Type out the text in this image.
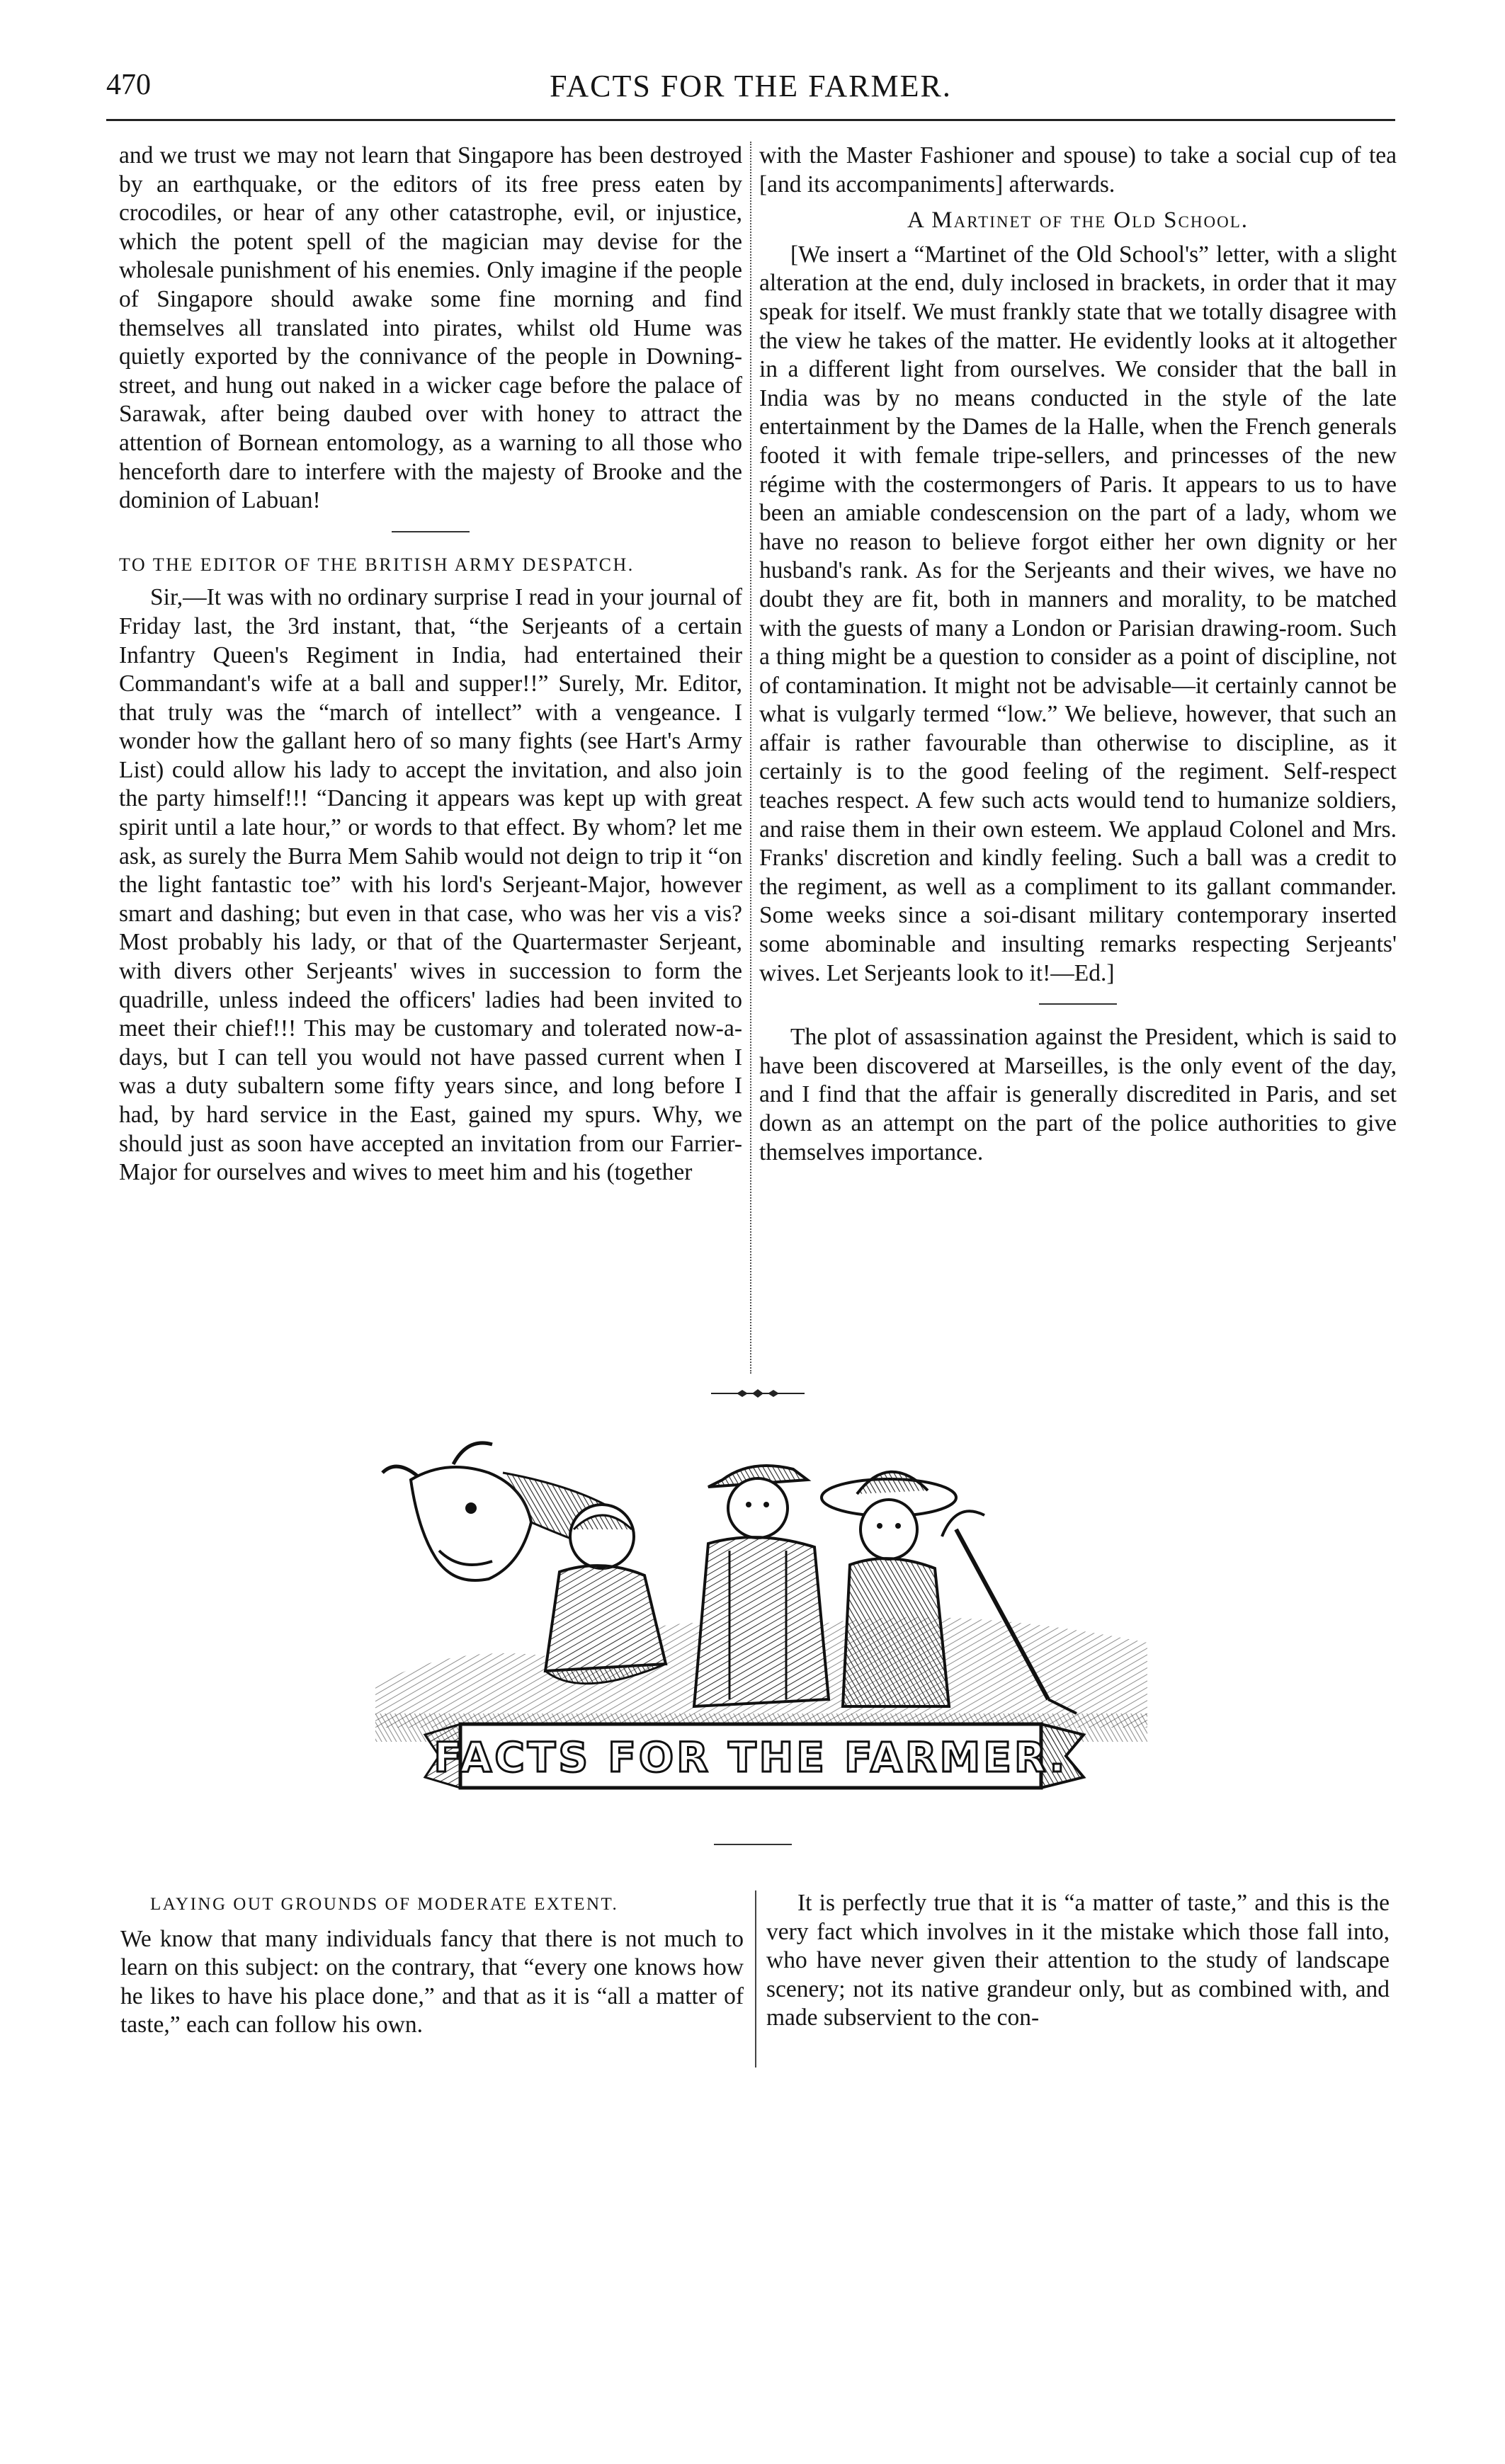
470	FACTS FOR THE FARMER.

and we trust we may not learn that Singapore has been destroyed by an earthquake, or the editors of its free press eaten by crocodiles, or hear of any other catastrophe, evil, or injustice, which the potent spell of the magician may devise for the wholesale punishment of his enemies. Only imagine if the people of Singapore should awake some fine morning and find themselves all translated into pirates, whilst old Hume was quietly exported by the connivance of the people in Downing-street, and hung out naked in a wicker cage before the palace of Sarawak, after being daubed over with honey to attract the attention of Bornean entomology, as a warning to all those who henceforth dare to interfere with the majesty of Brooke and the dominion of Labuan!

TO THE EDITOR OF THE BRITISH ARMY DESPATCH.

Sir,—It was with no ordinary surprise I read in your journal of Friday last, the 3rd instant, that, “the Serjeants of a certain Infantry Queen's Regiment in India, had entertained their Commandant's wife at a ball and supper!!” Surely, Mr. Editor, that truly was the “march of intellect” with a vengeance. I wonder how the gallant hero of so many fights (see Hart's Army List) could allow his lady to accept the invitation, and also join the party himself!!! “Dancing it appears was kept up with great spirit until a late hour,” or words to that effect. By whom? let me ask, as surely the Burra Mem Sahib would not deign to trip it “on the light fantastic toe” with his lord's Serjeant-Major, however smart and dashing; but even in that case, who was her vis a vis? Most probably his lady, or that of the Quartermaster Serjeant, with divers other Serjeants' wives in succession to form the quadrille, unless indeed the officers' ladies had been invited to meet their chief!!! This may be customary and tolerated now-a-days, but I can tell you would not have passed current when I was a duty subaltern some fifty years since, and long before I had, by hard service in the East, gained my spurs. Why, we should just as soon have accepted an invitation from our Farrier-Major for ourselves and wives to meet him and his (together

with the Master Fashioner and spouse) to take a social cup of tea [and its accompaniments] afterwards.

A Martinet of the Old School.

[We insert a “Martinet of the Old School's” letter, with a slight alteration at the end, duly inclosed in brackets, in order that it may speak for itself. We must frankly state that we totally disagree with the view he takes of the matter. He evidently looks at it altogether in a different light from ourselves. We consider that the ball in India was by no means conducted in the style of the late entertainment by the Dames de la Halle, when the French generals footed it with female tripe-sellers, and princesses of the new régime with the costermongers of Paris. It appears to us to have been an amiable condescension on the part of a lady, whom we have no reason to believe forgot either her own dignity or her husband's rank. As for the Serjeants and their wives, we have no doubt they are fit, both in manners and morality, to be matched with the guests of many a London or Parisian drawing-room. Such a thing might be a question to consider as a point of discipline, not of contamination. It might not be advisable—it certainly cannot be what is vulgarly termed “low.” We believe, however, that such an affair is rather favourable than otherwise to discipline, as it certainly is to the good feeling of the regiment. Self-respect teaches respect. A few such acts would tend to humanize soldiers, and raise them in their own esteem. We applaud Colonel and Mrs. Franks' discretion and kindly feeling. Such a ball was a credit to the regiment, as well as a compliment to its gallant commander. Some weeks since a soi-disant military contemporary inserted some abominable and insulting remarks respecting Serjeants' wives. Let Serjeants look to it!—Ed.]

The plot of assassination against the President, which is said to have been discovered at Marseilles, is the only event of the day, and I find that the affair is generally discredited in Paris, and set down as an attempt on the part of the police authorities to give themselves importance.

FACTS FOR THE FARMER.

LAYING OUT GROUNDS OF MODERATE EXTENT.

We know that many individuals fancy that there is not much to learn on this subject: on the contrary, that “every one knows how he likes to have his place done,” and that as it is “all a matter of taste,” each can follow his own.

It is perfectly true that it is “a matter of taste,” and this is the very fact which involves in it the mistake which those fall into, who have never given their attention to the study of landscape scenery; not its native grandeur only, but as combined with, and made subservient to the con-
